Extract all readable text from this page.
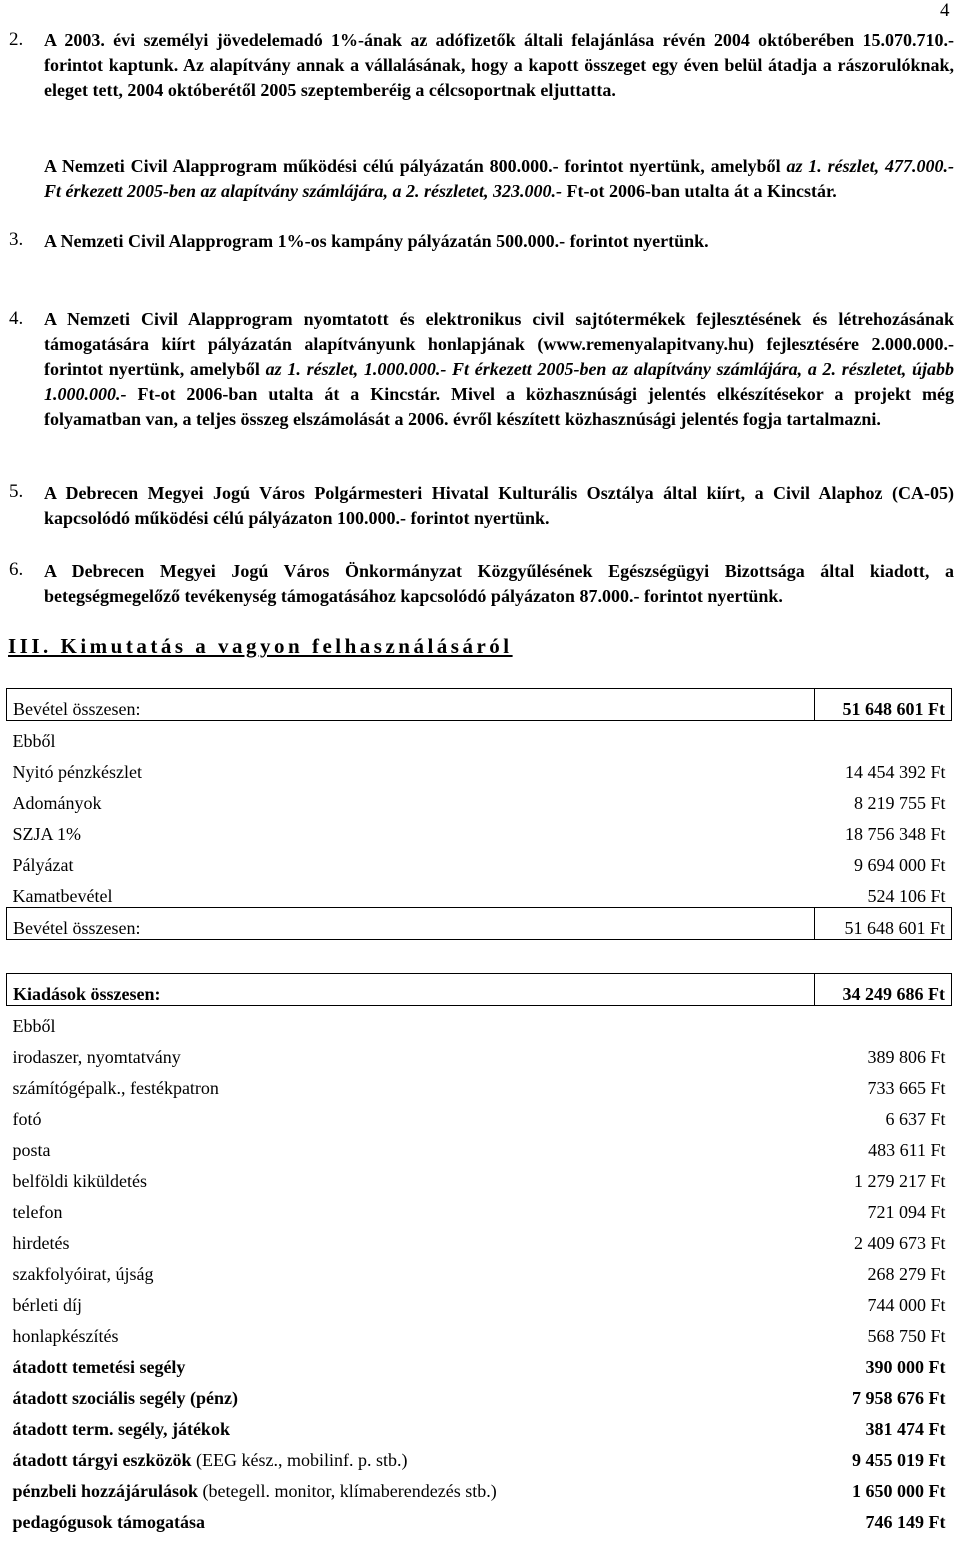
4
2. A 2003. évi személyi jövedelemadó 1%-ának az adófizetők általi felajánlása révén 2004 októberében 15.070.710.- forintot kaptunk. Az alapítvány annak a vállalásának, hogy a kapott összeget egy éven belül átadja a rászorulóknak, eleget tett, 2004 októberétől 2005 szeptemberéig a célcsoportnak eljuttatta.
A Nemzeti Civil Alapprogram működési célú pályázatán 800.000.- forintot nyertünk, amelyből az 1. részlet, 477.000.- Ft érkezett 2005-ben az alapítvány számlájára, a 2. részletet, 323.000.- Ft-ot 2006-ban utalta át a Kincstár.
3. A Nemzeti Civil Alapprogram 1%-os kampány pályázatán 500.000.- forintot nyertünk.
4. A Nemzeti Civil Alapprogram nyomtatott és elektronikus civil sajtótermékek fejlesztésének és létrehozásának támogatására kiírt pályázatán alapítványunk honlapjának (www.remenyalapitvany.hu) fejlesztésére 2.000.000.- forintot nyertünk, amelyből az 1. részlet, 1.000.000.- Ft érkezett 2005-ben az alapítvány számlájára, a 2. részletet, újabb 1.000.000.- Ft-ot 2006-ban utalta át a Kincstár. Mivel a közhasznúsági jelentés elkészítésekor a projekt még folyamatban van, a teljes összeg elszámolását a 2006. évről készített közhasznúsági jelentés fogja tartalmazni.
5. A Debrecen Megyei Jogú Város Polgármesteri Hivatal Kulturális Osztálya által kiírt, a Civil Alaphoz (CA-05) kapcsolódó működési célú pályázaton 100.000.- forintot nyertünk.
6. A Debrecen Megyei Jogú Város Önkormányzat Közgyűlésének Egészségügyi Bizottsága által kiadott, a betegségmegelőző tevékenység támogatásához kapcsolódó pályázaton 87.000.- forintot nyertünk.
III. Kimutatás a vagyon felhasználásáról
Bevétel összesen:	51 648 601 Ft
Ebből	
Nyitó pénzkészlet	14 454 392 Ft
Adományok	8 219 755 Ft
SZJA 1%	18 756 348 Ft
Pályázat	9 694 000 Ft
Kamatbevétel	524 106 Ft
Bevétel összesen:	51 648 601 Ft
Kiadások összesen:	34 249 686 Ft
Ebből	
irodaszer, nyomtatvány	389 806 Ft
számítógépalk., festékpatron	733 665 Ft
fotó	6 637 Ft
posta	483 611 Ft
belföldi kiküldetés	1 279 217 Ft
telefon	721 094 Ft
hirdetés	2 409 673 Ft
szakfolyóirat, újság	268 279 Ft
bérleti díj	744 000 Ft
honlapkészítés	568 750 Ft
átadott temetési segély	390 000 Ft
átadott szociális segély (pénz)	7 958 676 Ft
átadott term. segély, játékok	381 474 Ft
átadott tárgyi eszközök (EEG kész., mobilinf. p. stb.)	9 455 019 Ft
pénzbeli hozzájárulások (betegell. monitor, klímaberendezés stb.)	1 650 000 Ft
pedagógusok támogatása	746 149 Ft
